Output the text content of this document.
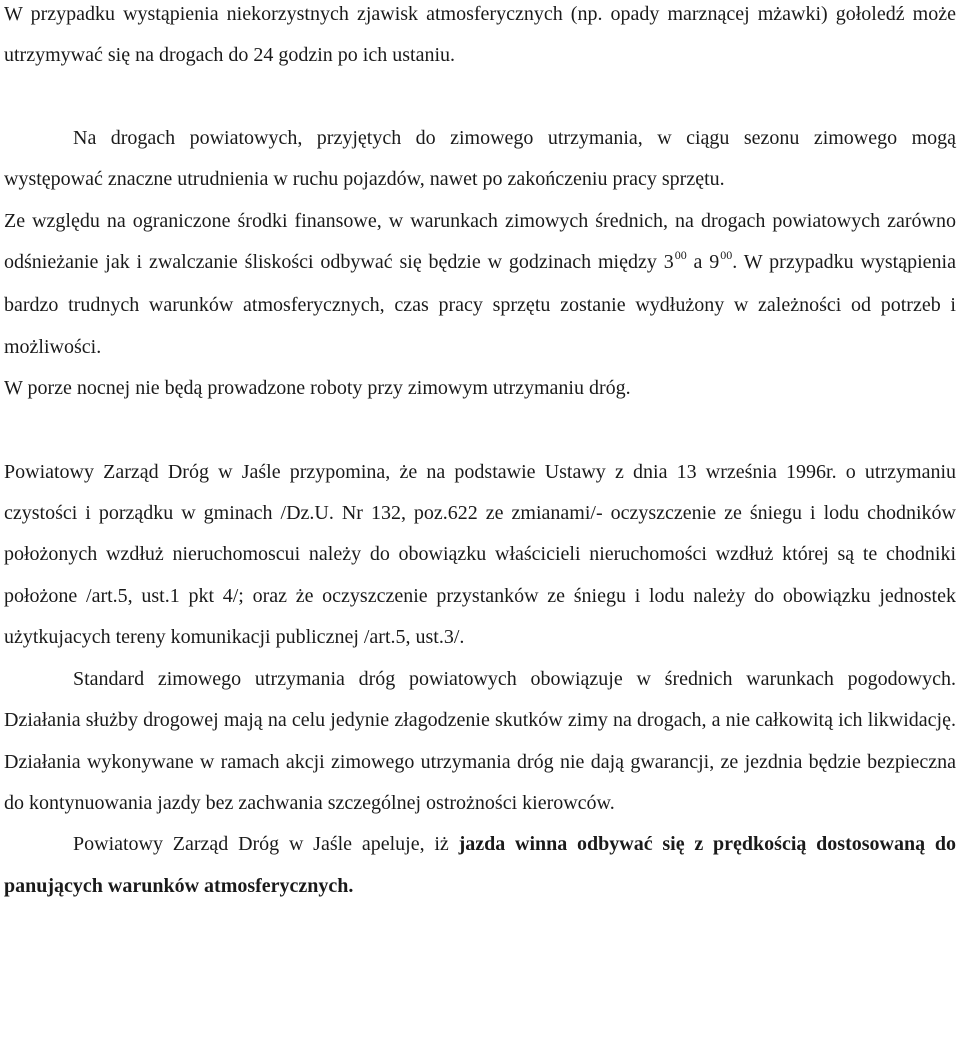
W przypadku wystąpienia niekorzystnych zjawisk atmosferycznych (np. opady marznącej mżawki) gołoledź może utrzymywać się na drogach do 24 godzin po ich ustaniu.

Na drogach powiatowych, przyjętych do zimowego utrzymania, w ciągu sezonu zimowego mogą występować znaczne utrudnienia w ruchu pojazdów, nawet po zakończeniu pracy sprzętu.

Ze względu na ograniczone środki finansowe, w warunkach zimowych średnich, na drogach powiatowych zarówno odśnieżanie jak i zwalczanie śliskości odbywać się będzie w godzinach między $3^{00}$ a $9^{00}$. W przypadku wystąpienia bardzo trudnych warunków atmosferycznych, czas pracy sprzętu zostanie wydłużony w zależności od potrzeb i możliwości.

W porze nocnej nie będą prowadzone roboty przy zimowym utrzymaniu dróg.

Powiatowy Zarząd Dróg w Jaśle przypomina, że na podstawie Ustawy z dnia 13 września 1996r. o utrzymaniu czystości i porządku w gminach /Dz.U. Nr 132, poz.622 ze zmianami/- oczyszczenie ze śniegu i lodu chodników położonych wzdłuż nieruchomoscui należy do obowiązku właścicieli nieruchomości wzdłuż której są te chodniki położone /art.5, ust.1 pkt 4/; oraz że oczyszczenie przystanków ze śniegu i lodu należy do obowiązku jednostek użytkujacych tereny komunikacji publicznej /art.5, ust.3/.

Standard zimowego utrzymania dróg powiatowych obowiązuje w średnich warunkach pogodowych. Działania służby drogowej mają na celu jedynie złagodzenie skutków zimy na drogach, a nie całkowitą ich likwidację. Działania wykonywane w ramach akcji zimowego utrzymania dróg nie dają gwarancji, ze jezdnia będzie bezpieczna do kontynuowania jazdy bez zachwania szczególnej ostrożności kierowców.

Powiatowy Zarząd Dróg w Jaśle apeluje, iż jazda winna odbywać się z prędkością dostosowaną do panujących warunków atmosferycznych.
